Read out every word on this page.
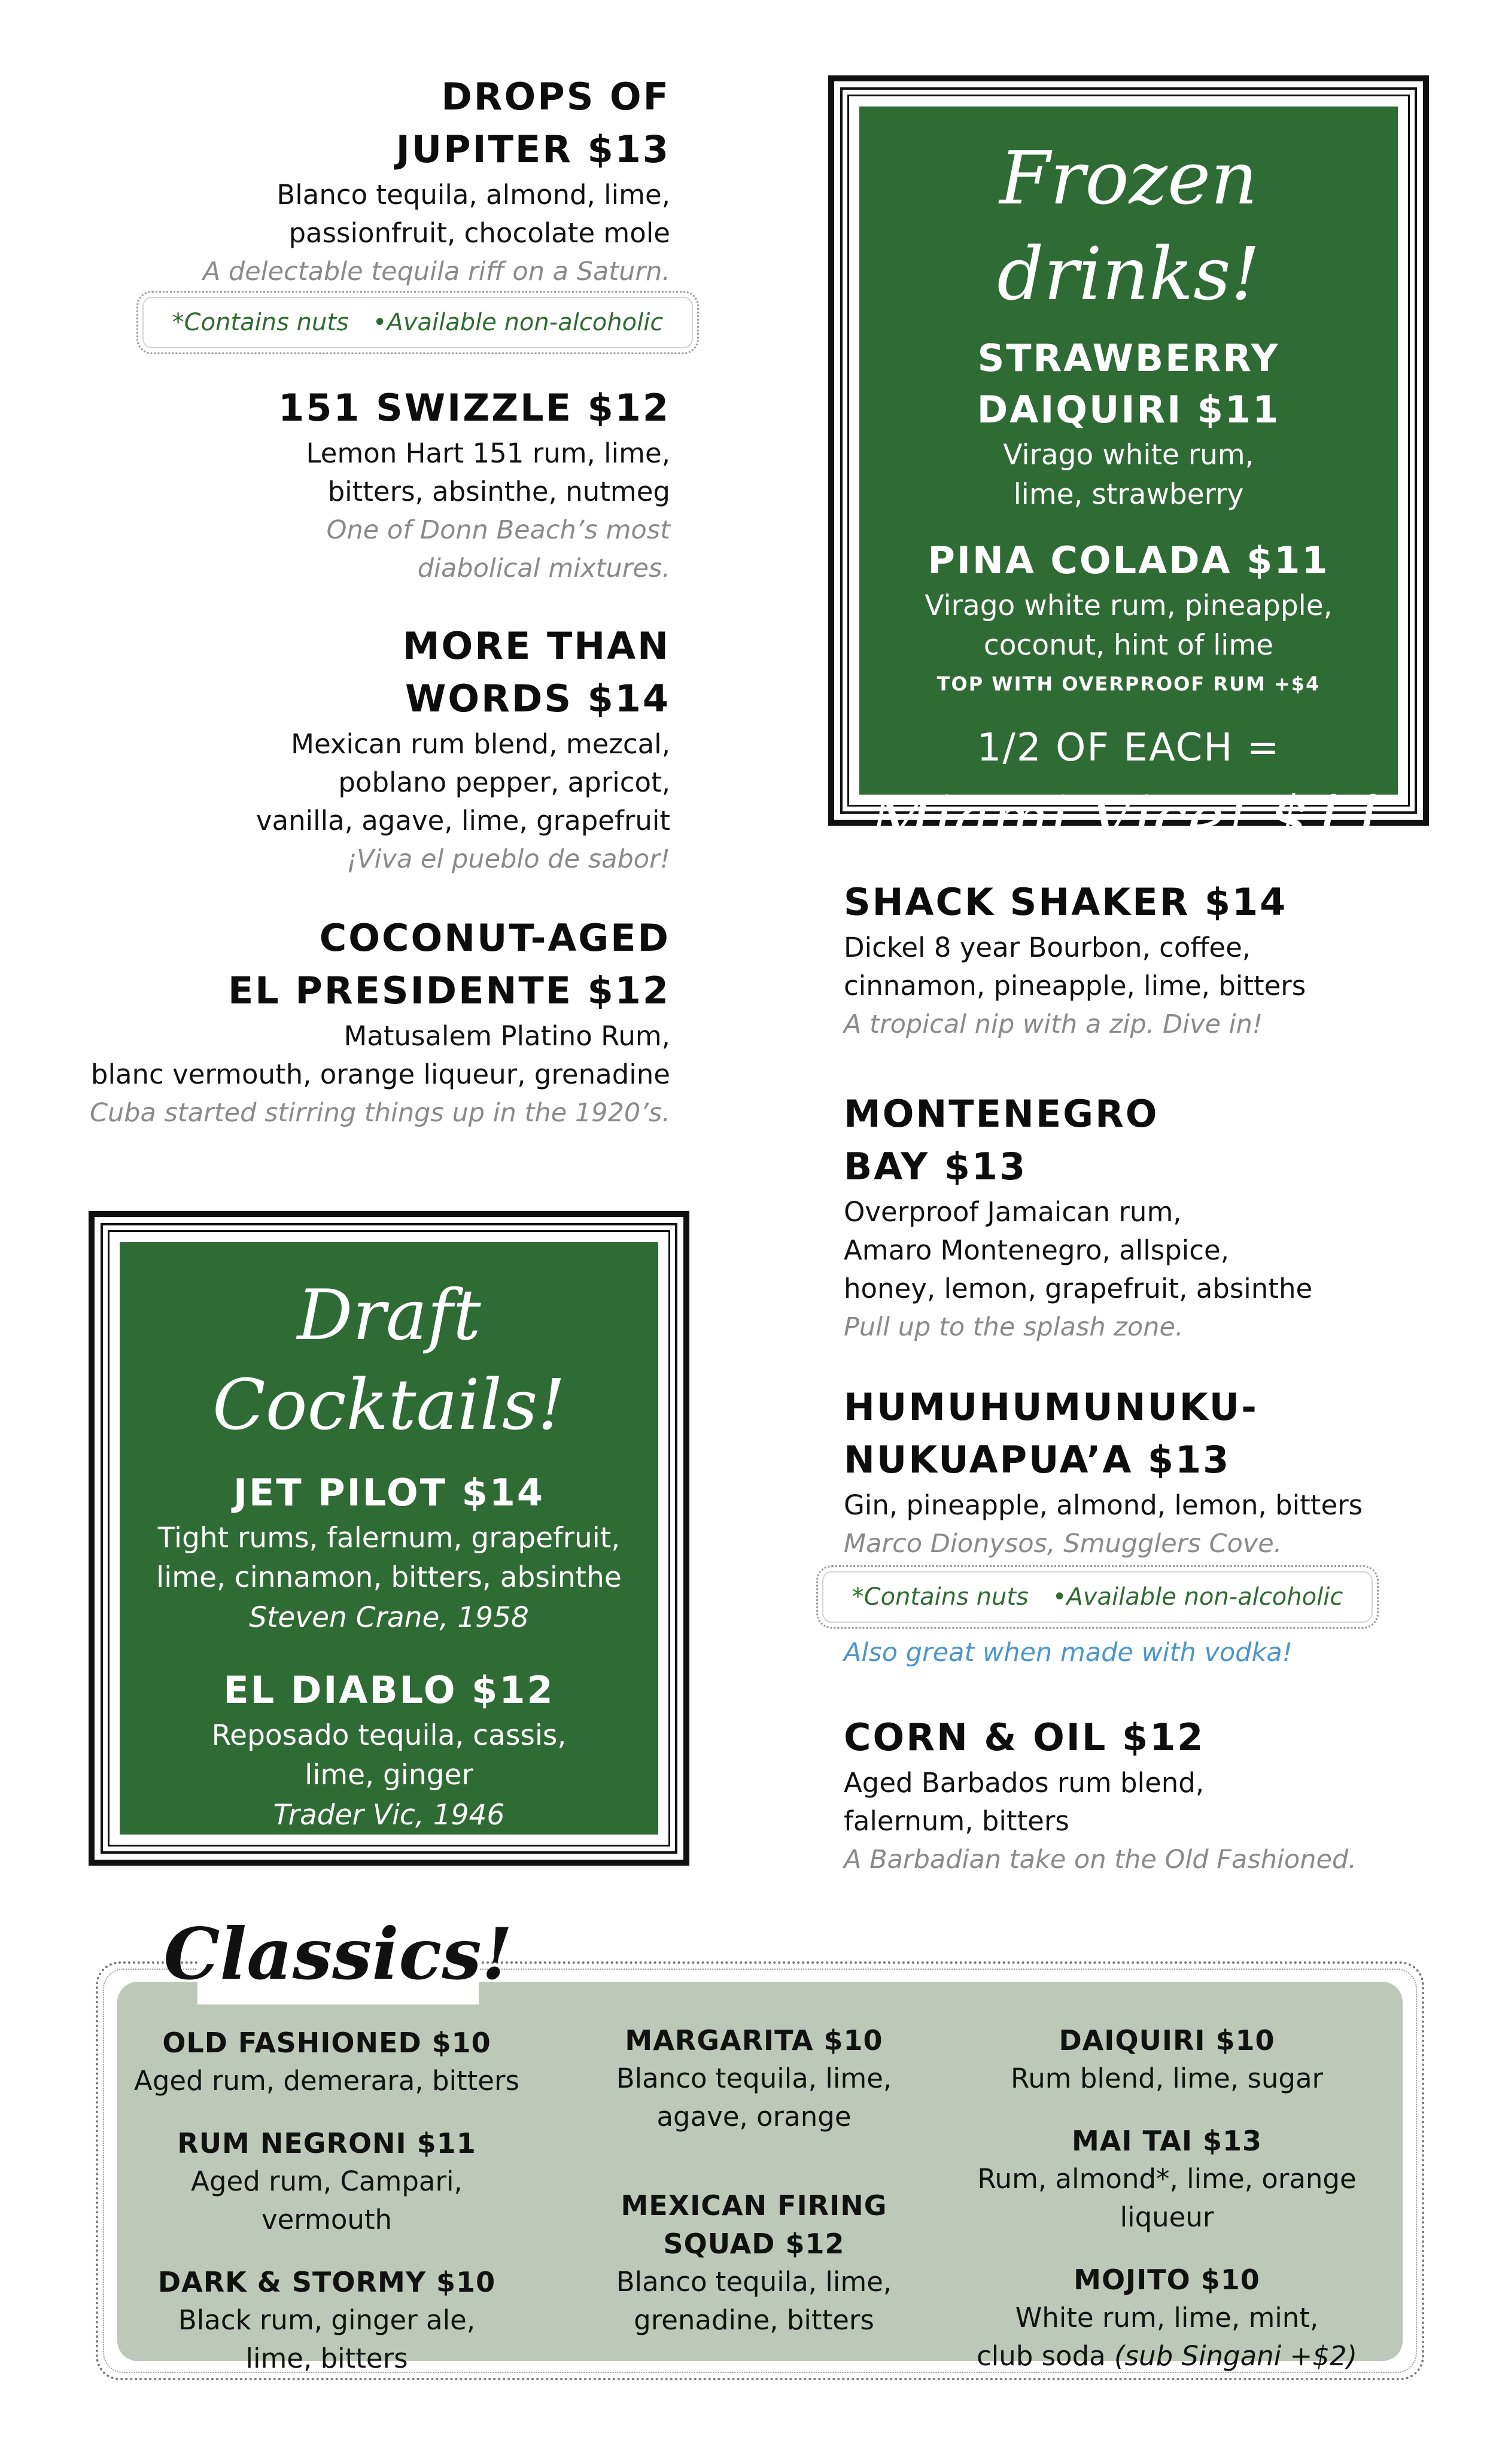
DROPS OF
JUPITER $13
Blanco tequila, almond, lime,
passionfruit, chocolate mole
A delectable tequila riff on a Saturn.
*Contains nuts •Available non-alcoholic
151 SWIZZLE $12
Lemon Hart 151 rum, lime,
bitters, absinthe, nutmeg
One of Donn Beach’s most
diabolical mixtures.
MORE THAN
WORDS $14
Mexican rum blend, mezcal,
poblano pepper, apricot,
vanilla, agave, lime, grapefruit
¡Viva el pueblo de sabor!
COCONUT-AGED
EL PRESIDENTE $12
Matusalem Platino Rum,
blanc vermouth, orange liqueur, grenadine
Cuba started stirring things up in the 1920’s.
Frozen drinks!
STRAWBERRY
DAIQUIRI $11
Virago white rum,
lime, strawberry
PINA COLADA $11
Virago white rum, pineapple,
coconut, hint of lime
TOP WITH OVERPROOF RUM +$4
1/2 OF EACH =
Miami Vice! $11
SHACK SHAKER $14
Dickel 8 year Bourbon, coffee,
cinnamon, pineapple, lime, bitters
A tropical nip with a zip. Dive in!
MONTENEGRO
BAY $13
Overproof Jamaican rum,
Amaro Montenegro, allspice,
honey, lemon, grapefruit, absinthe
Pull up to the splash zone.
HUMUHUMUNUKU-
NUKUAPUA’A $13
Gin, pineapple, almond, lemon, bitters
Marco Dionysos, Smugglers Cove.
*Contains nuts •Available non-alcoholic
Also great when made with vodka!
CORN & OIL $12
Aged Barbados rum blend,
falernum, bitters
A Barbadian take on the Old Fashioned.
Draft Cocktails!
JET PILOT $14
Tight rums, falernum, grapefruit,
lime, cinnamon, bitters, absinthe
Steven Crane, 1958
EL DIABLO $12
Reposado tequila, cassis,
lime, ginger
Trader Vic, 1946
Classics!
OLD FASHIONED $10
Aged rum, demerara, bitters
RUM NEGRONI $11
Aged rum, Campari, vermouth
DARK & STORMY $10
Black rum, ginger ale,
lime, bitters
MARGARITA $10
Blanco tequila, lime,
agave, orange
MEXICAN FIRING
SQUAD $12
Blanco tequila, lime,
grenadine, bitters
DAIQUIRI $10
Rum blend, lime, sugar
MAI TAI $13
Rum, almond*, lime, orange liqueur
MOJITO $10
White rum, lime, mint,
club soda (sub Singani +$2)
